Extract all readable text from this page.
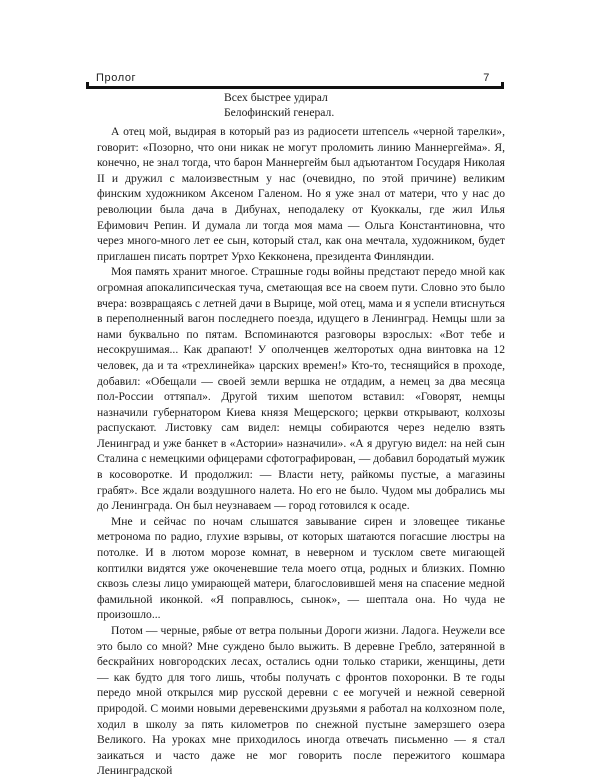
Пролог	7
Всех быстрее удирал
Белофинский генерал.

А отец мой, выдирая в который раз из радиосети штепсель «черной тарелки», говорит: «Позорно, что они никак не могут проломить линию Маннергейма». Я, конечно, не знал тогда, что барон Маннергейм был адъютантом Государя Николая II и дружил с малоизвестным у нас (очевидно, по этой причине) великим финским художником Аксеном Галеном. Но я уже знал от матери, что у нас до революции была дача в Дибунах, неподалеку от Куоккалы, где жил Илья Ефимович Репин. И думала ли тогда моя мама — Ольга Константиновна, что через много-много лет ее сын, который стал, как она мечтала, художником, будет приглашен писать портрет Урхо Кекконена, президента Финляндии.

Моя память хранит многое. Страшные годы войны предстают передо мной как огромная апокалипсическая туча, сметающая все на своем пути. Словно это было вчера: возвращаясь с летней дачи в Вырице, мой отец, мама и я успели втиснуться в переполненный вагон последнего поезда, идущего в Ленинград. Немцы шли за нами буквально по пятам. Вспоминаются разговоры взрослых: «Вот тебе и несокрушимая... Как драпают! У ополченцев желторотых одна винтовка на 12 человек, да и та «трехлинейка» царских времен!» Кто-то, теснящийся в проходе, добавил: «Обещали — своей земли вершка не отдадим, а немец за два месяца пол-России оттяпал». Другой тихим шепотом вставил: «Говорят, немцы назначили губернатором Киева князя Мещерского; церкви открывают, колхозы распускают. Листовку сам видел: немцы собираются через неделю взять Ленинград и уже банкет в «Астории» назначили». «А я другую видел: на ней сын Сталина с немецкими офицерами сфотографирован, — добавил бородатый мужик в косоворотке. И продолжил: — Власти нету, райкомы пустые, а магазины грабят». Все ждали воздушного налета. Но его не было. Чудом мы добрались мы до Ленинграда. Он был неузнаваем — город готовился к осаде.

Мне и сейчас по ночам слышатся завывание сирен и зловещее тиканье метронома по радио, глухие взрывы, от которых шатаются погасшие люстры на потолке. И в лютом морозе комнат, в неверном и тусклом свете мигающей коптилки видятся уже окоченевшие тела моего отца, родных и близких. Помню сквозь слезы лицо умирающей матери, благословившей меня на спасение медной фамильной иконкой. «Я поправлюсь, сынок», — шептала она. Но чуда не произошло...

Потом — черные, рябые от ветра полыньи Дороги жизни. Ладога. Неужели все это было со мной? Мне суждено было выжить. В деревне Гребло, затерянной в бескрайних новгородских лесах, остались одни только старики, женщины, дети — как будто для того лишь, чтобы получать с фронтов похоронки. В те годы передо мной открылся мир русской деревни с ее могучей и нежной северной природой. С моими новыми деревенскими друзьями я работал на колхозном поле, ходил в школу за пять километров по снежной пустыне замерзшего озера Великого. На уроках мне приходилось иногда отвечать письменно — я стал заикаться и часто даже не мог говорить после пережитого кошмара Ленинградской
